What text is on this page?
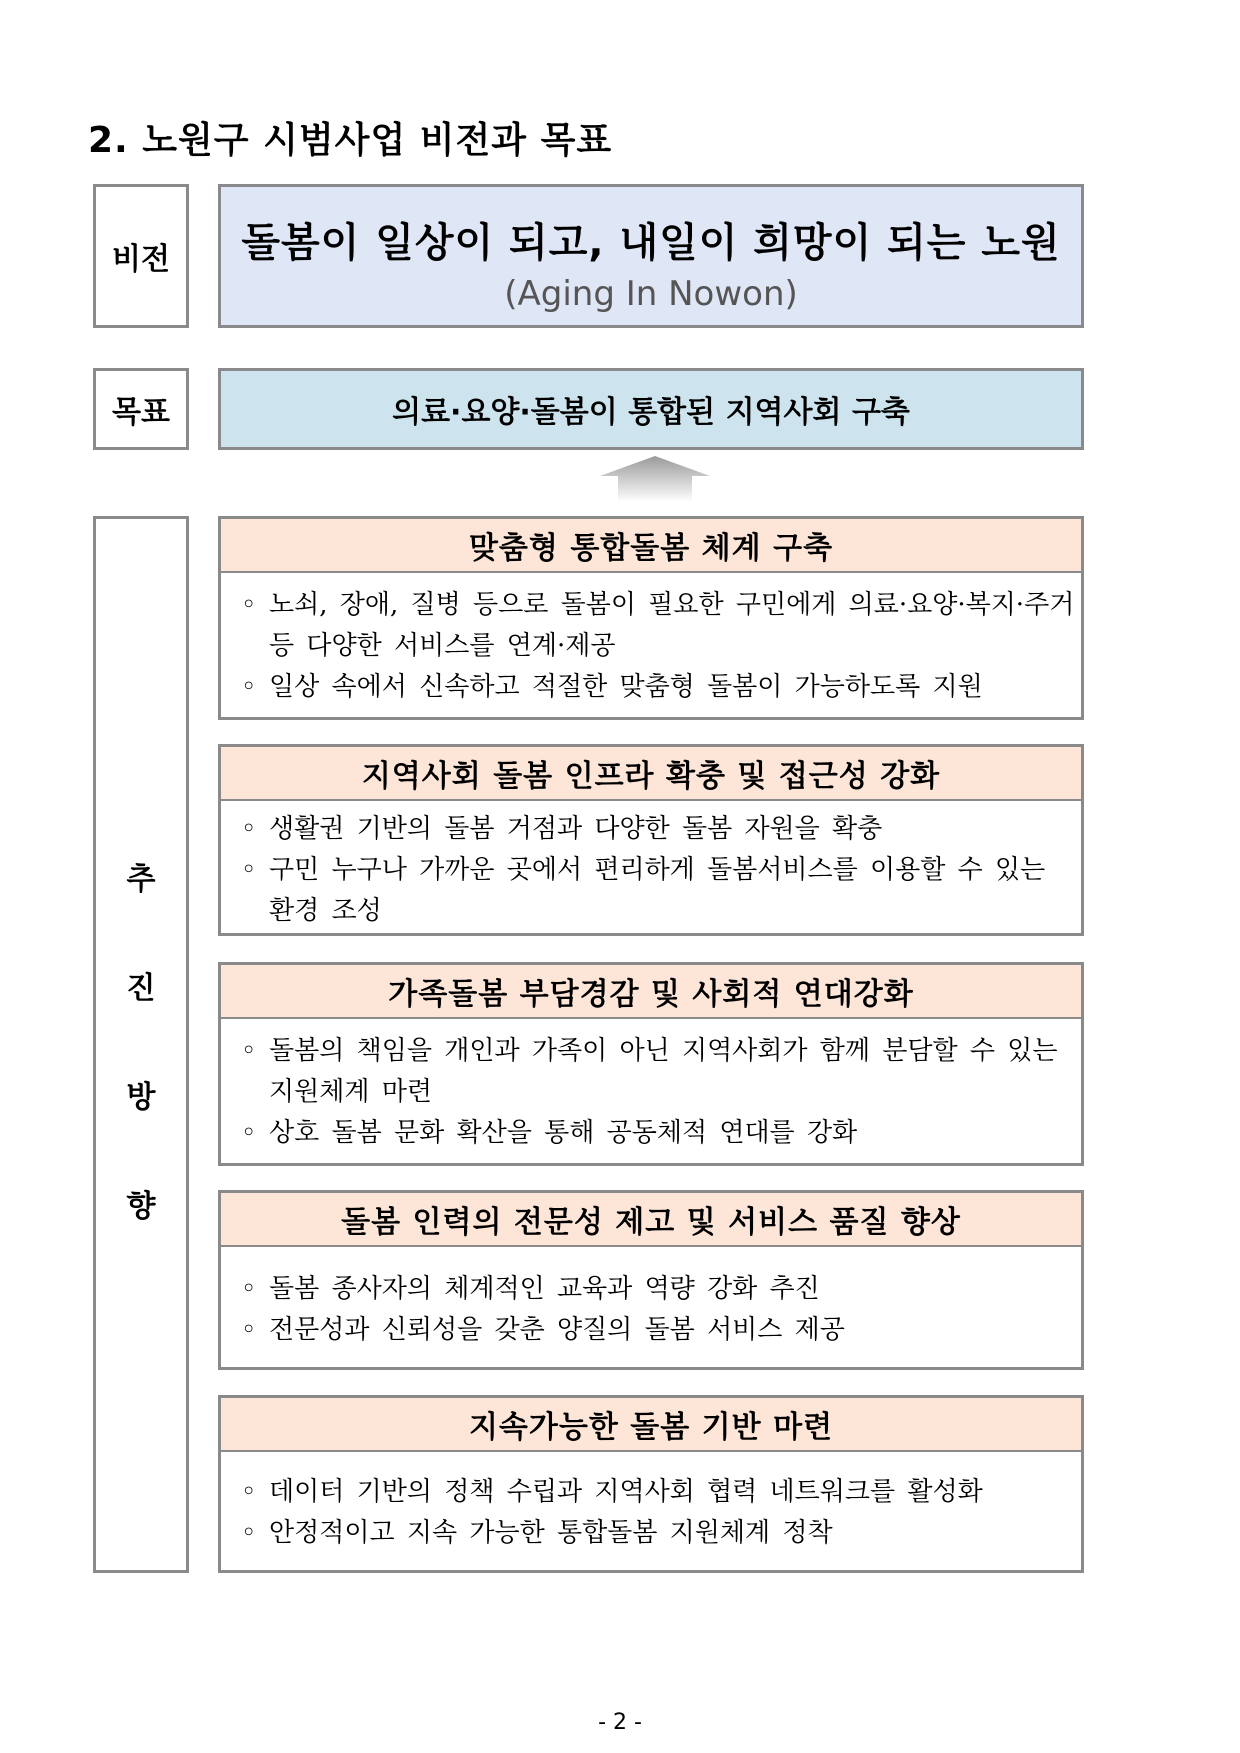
2. 노원구 시범사업 비전과 목표
비전	돌봄이 일상이 되고, 내일이 희망이 되는 노원
(Aging In Nowon)
목표	의료·요양·돌봄이 통합된 지역사회 구축
추
진
방
향
맞춤형 통합돌봄 체계 구축
◦ 노쇠, 장애, 질병 등으로 돌봄이 필요한 구민에게 의료·요양·복지·주거 등 다양한 서비스를 연계·제공
◦ 일상 속에서 신속하고 적절한 맞춤형 돌봄이 가능하도록 지원
지역사회 돌봄 인프라 확충 및 접근성 강화
◦ 생활권 기반의 돌봄 거점과 다양한 돌봄 자원을 확충
◦ 구민 누구나 가까운 곳에서 편리하게 돌봄서비스를 이용할 수 있는 환경 조성
가족돌봄 부담경감 및 사회적 연대강화
◦ 돌봄의 책임을 개인과 가족이 아닌 지역사회가 함께 분담할 수 있는 지원체계 마련
◦ 상호 돌봄 문화 확산을 통해 공동체적 연대를 강화
돌봄 인력의 전문성 제고 및 서비스 품질 향상
◦ 돌봄 종사자의 체계적인 교육과 역량 강화 추진
◦ 전문성과 신뢰성을 갖춘 양질의 돌봄 서비스 제공
지속가능한 돌봄 기반 마련
◦ 데이터 기반의 정책 수립과 지역사회 협력 네트워크를 활성화
◦ 안정적이고 지속 가능한 통합돌봄 지원체계 정착
- 2 -
